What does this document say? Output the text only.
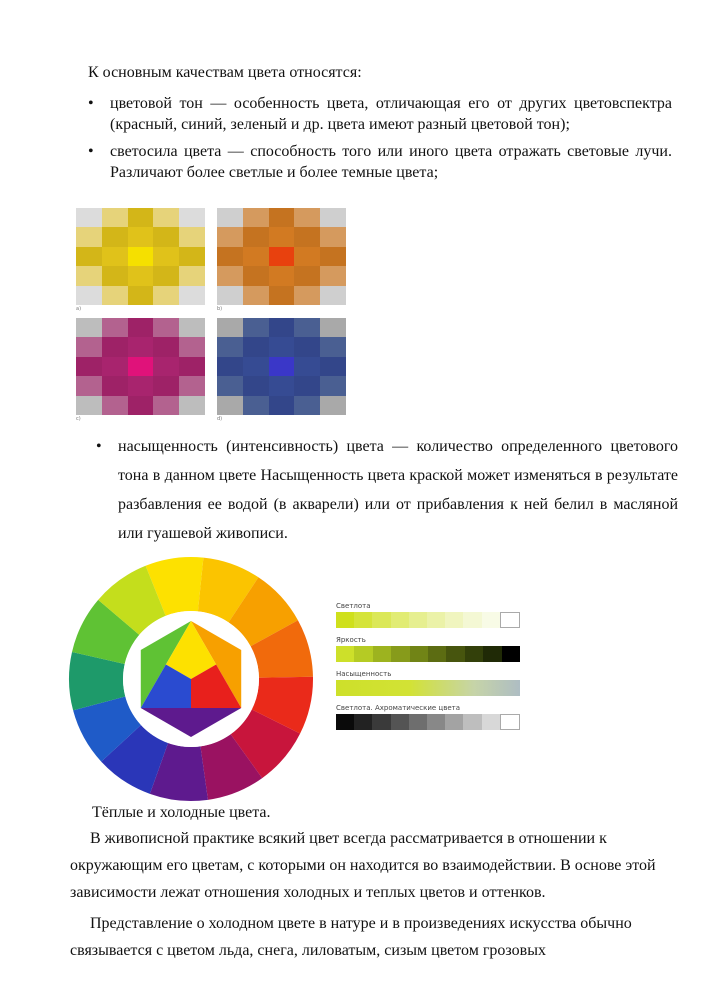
К основным качествам цвета относятся:

• цветовой тон — особенность цвета, отличающая его от других цветовспектра (красный, синий, зеленый и др. цвета имеют разный цветовой тон);
• светосила цвета — способность того или иного цвета отражать световые лучи. Различают более светлые и более темные цвета;
a)	b)
c)	d)
• насыщенность (интенсивность) цвета — количество определенного цветового тона в данном цвете Насыщенность цвета краской может изменяться в результате разбавления ее водой (в акварели) или от прибавления к ней белил в масляной или гуашевой живописи.
Светлота
Яркость
Насыщенность
Светлота. Ахроматические цвета
Тёплые и холодные цвета.

В живописной практике всякий цвет всегда рассматривается в отношении к окружающим его цветам, с которыми он находится во взаимодействии. В основе этой зависимости лежат отношения холодных и теплых цветов и оттенков.

Представление о холодном цвете в натуре и в произведениях искусства обычно связывается с цветом льда, снега, лиловатым, сизым цветом грозовых
